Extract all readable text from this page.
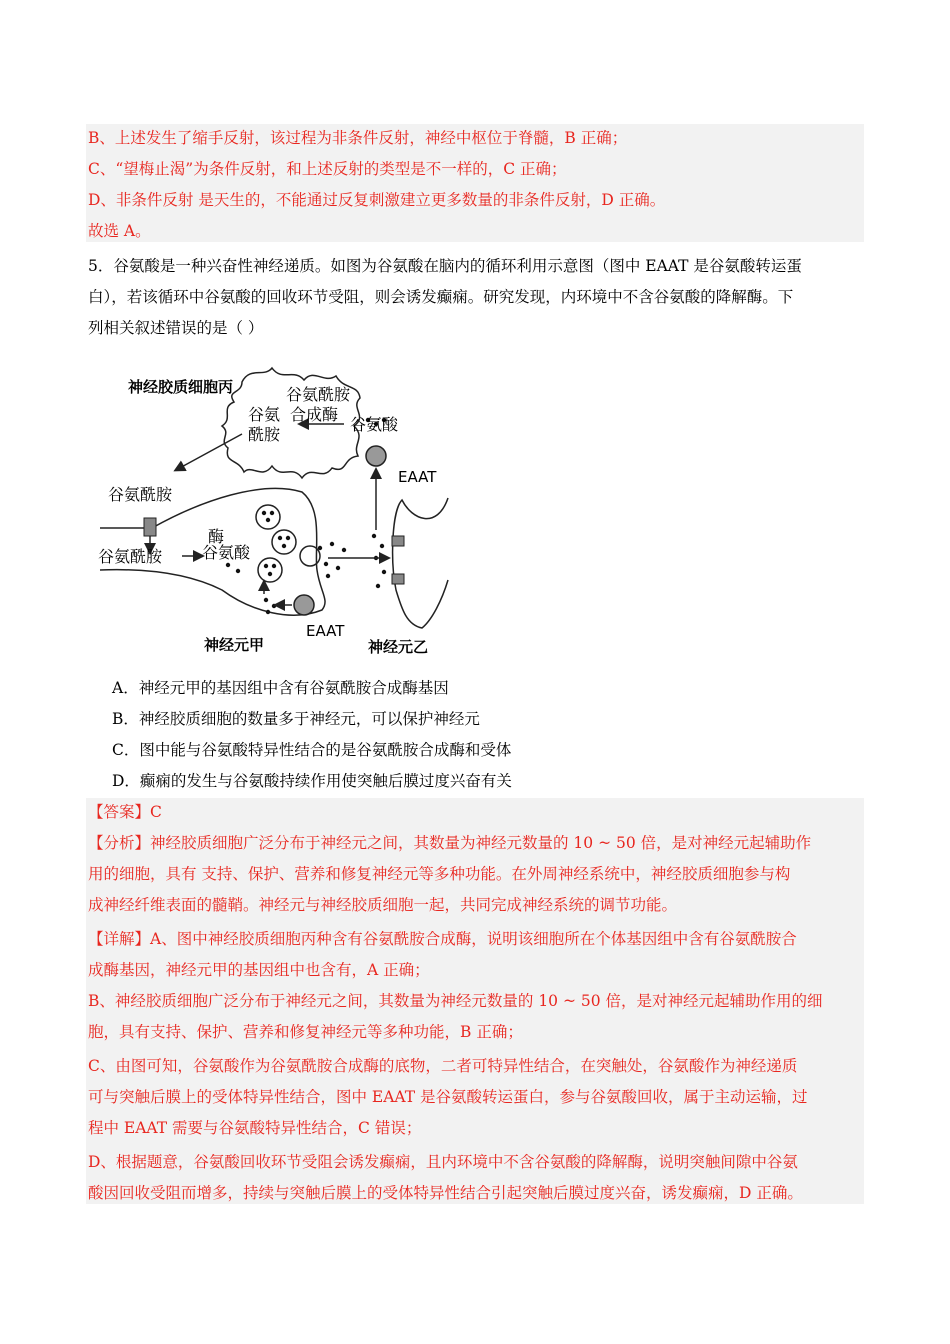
B、上述发生了缩手反射，该过程为非条件反射，神经中枢位于脊髓，B 正确；
C、“望梅止渴”为条件反射，和上述反射的类型是不一样的，C 正确；
D、非条件反射 是天生的，不能通过反复刺激建立更多数量的非条件反射，D 正确。
故选 A。
5．谷氨酸是一种兴奋性神经递质。如图为谷氨酸在脑内的循环利用示意图（图中 EAAT 是谷氨酸转运蛋
白），若该循环中谷氨酸的回收环节受阻，则会诱发癫痫。研究发现，内环境中不含谷氨酸的降解酶。下
列相关叙述错误的是（ ）
神经胶质细胞丙	谷氨酰胺
合成酶
谷氨
酰胺
谷氨酸
EAAT
谷氨酰胺
酶
谷氨酰胺 谷氨酸
EAAT
神经元甲	神经元乙
A．神经元甲的基因组中含有谷氨酰胺合成酶基因
B．神经胶质细胞的数量多于神经元，可以保护神经元
C．图中能与谷氨酸特异性结合的是谷氨酰胺合成酶和受体
D．癫痫的发生与谷氨酸持续作用使突触后膜过度兴奋有关
【答案】C
【分析】神经胶质细胞广泛分布于神经元之间，其数量为神经元数量的 10 ~ 50 倍，是对神经元起辅助作
用的细胞，具有 支持、保护、营养和修复神经元等多种功能。在外周神经系统中，神经胶质细胞参与构
成神经纤维表面的髓鞘。神经元与神经胶质细胞一起，共同完成神经系统的调节功能。
【详解】A、图中神经胶质细胞丙种含有谷氨酰胺合成酶，说明该细胞所在个体基因组中含有谷氨酰胺合
成酶基因，神经元甲的基因组中也含有，A 正确；
B、神经胶质细胞广泛分布于神经元之间，其数量为神经元数量的 10 ~ 50 倍，是对神经元起辅助作用的细
胞，具有支持、保护、营养和修复神经元等多种功能，B 正确；
C、由图可知，谷氨酸作为谷氨酰胺合成酶的底物，二者可特异性结合，在突触处，谷氨酸作为神经递质
可与突触后膜上的受体特异性结合，图中 EAAT 是谷氨酸转运蛋白，参与谷氨酸回收，属于主动运输，过
程中 EAAT 需要与谷氨酸特异性结合，C 错误；
D、根据题意，谷氨酸回收环节受阻会诱发癫痫，且内环境中不含谷氨酸的降解酶，说明突触间隙中谷氨
酸因回收受阻而增多，持续与突触后膜上的受体特异性结合引起突触后膜过度兴奋，诱发癫痫，D 正确。
